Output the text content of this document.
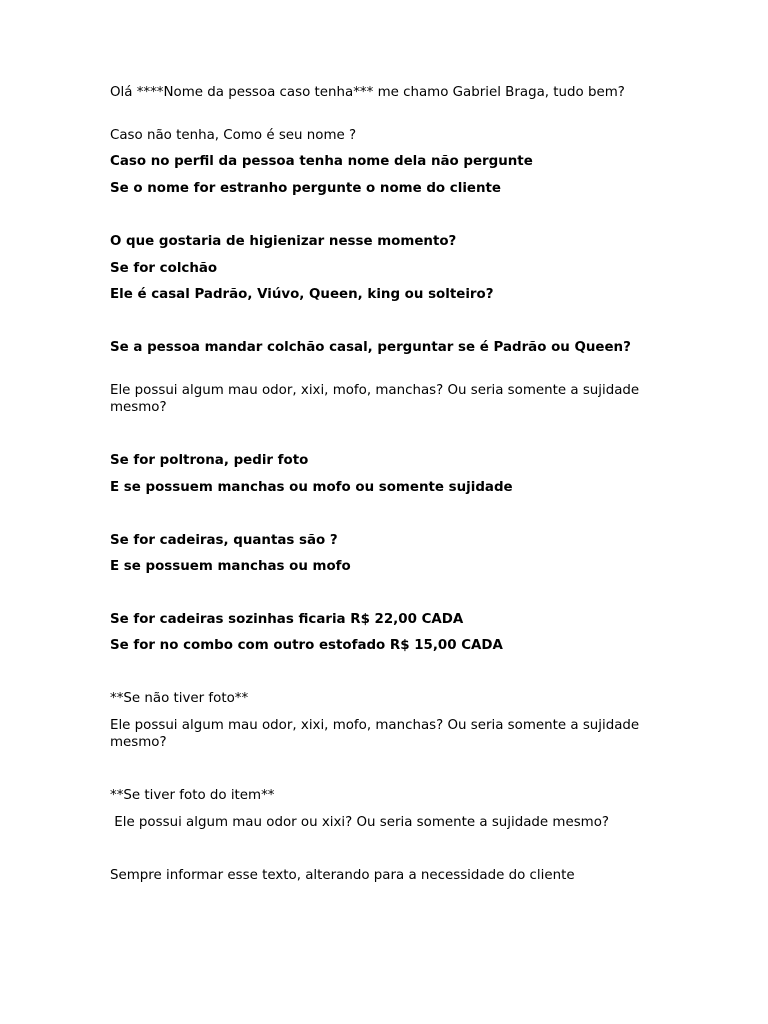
Olá ****Nome da pessoa caso tenha*** me chamo Gabriel Braga, tudo bem?
Caso não tenha, Como é seu nome ?
Caso no perfil da pessoa tenha nome dela não pergunte
Se o nome for estranho pergunte o nome do cliente
O que gostaria de higienizar nesse momento?
Se for colchão
Ele é casal Padrão, Viúvo, Queen, king ou solteiro?
Se a pessoa mandar colchão casal, perguntar se é Padrão ou Queen?
Ele possui algum mau odor, xixi, mofo, manchas? Ou seria somente a sujidade mesmo?
Se for poltrona, pedir foto
E se possuem manchas ou mofo ou somente sujidade
Se for cadeiras, quantas são ?
E se possuem manchas ou mofo
Se for cadeiras sozinhas ficaria R$ 22,00 CADA
Se for no combo com outro estofado R$ 15,00 CADA
**Se não tiver foto**
Ele possui algum mau odor, xixi, mofo, manchas? Ou seria somente a sujidade mesmo?
**Se tiver foto do item**
Ele possui algum mau odor ou xixi? Ou seria somente a sujidade mesmo?
Sempre informar esse texto, alterando para a necessidade do cliente
